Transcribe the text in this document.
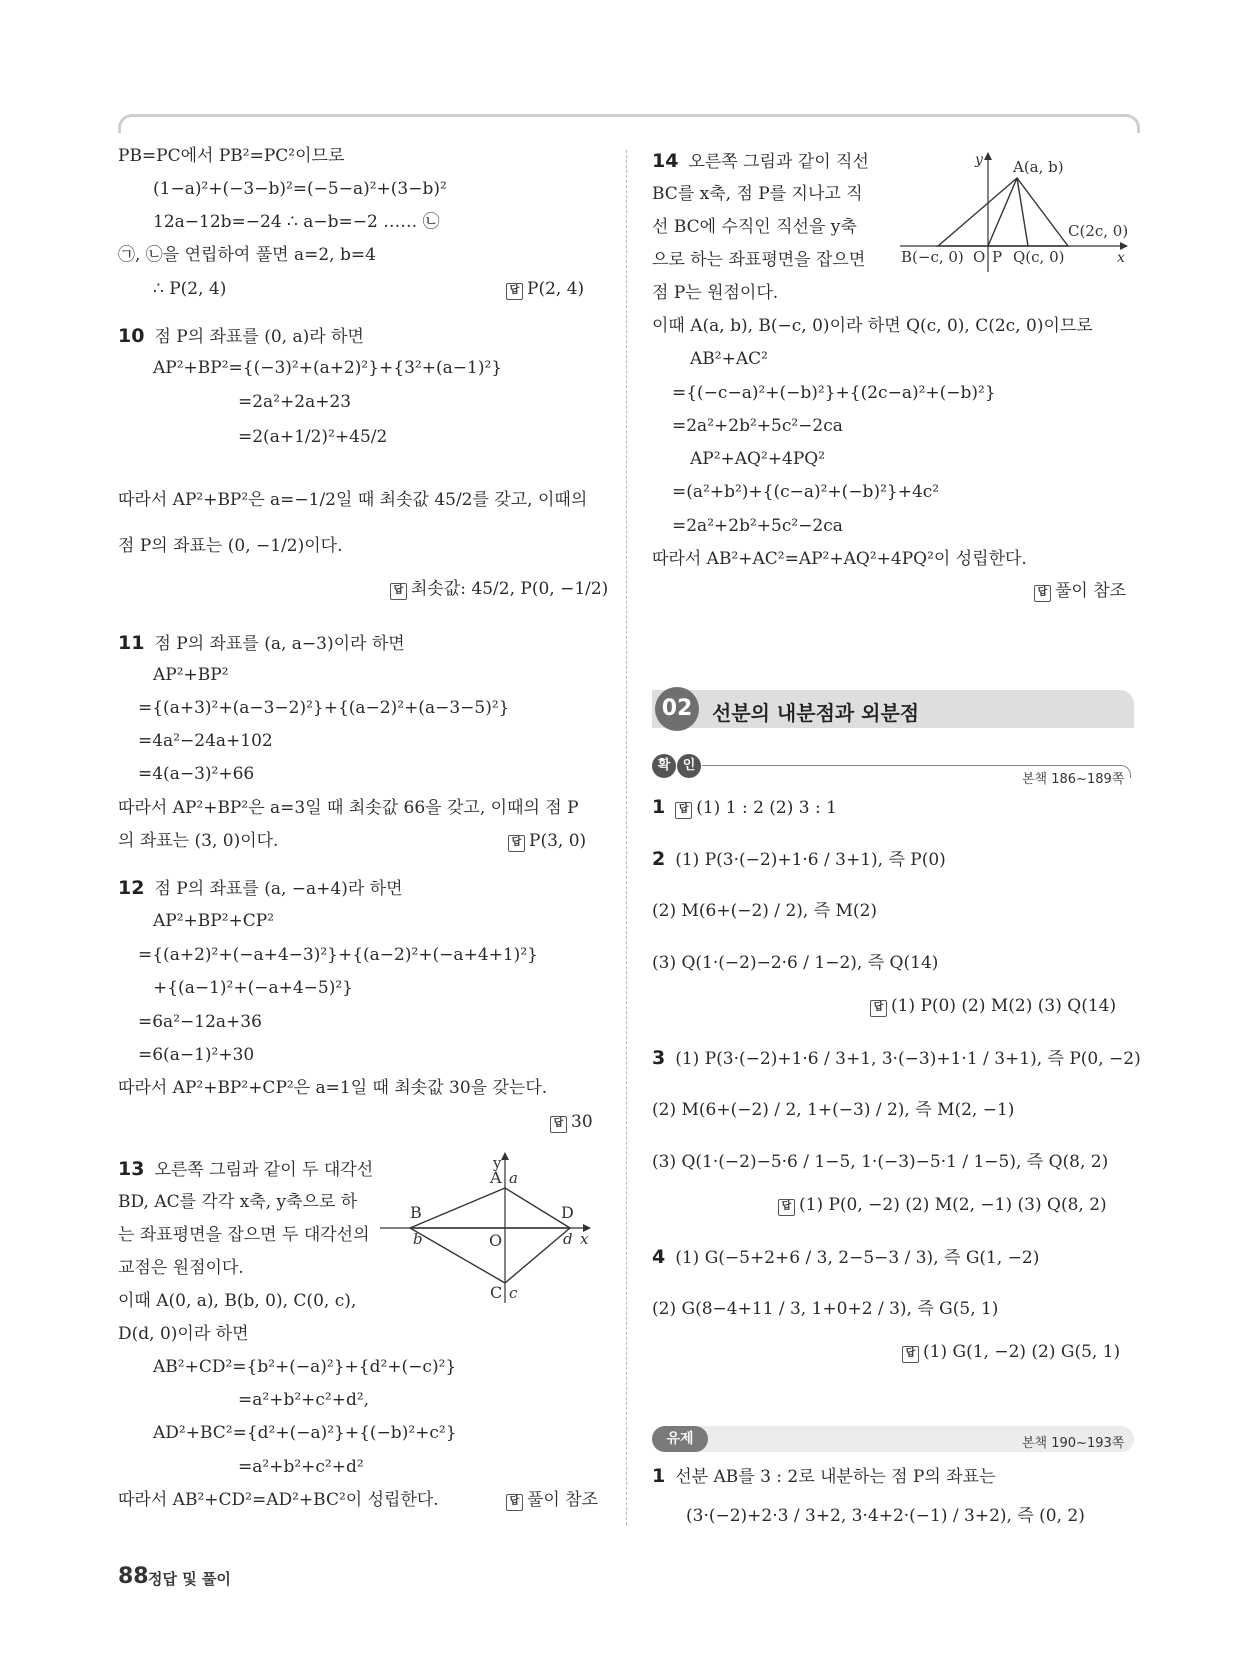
PB=PC에서 PB²=PC²이므로
(1−a)²+(−3−b)²=(−5−a)²+(3−b)²
12a−12b=−24 ∴ a−b=−2 …… ㉡
㉠, ㉡을 연립하여 풀면 a=2, b=4
∴ P(2, 4)	답 P(2, 4)
10 점 P의 좌표를 (0, a)라 하면
AP²+BP²={(−3)²+(a+2)²}+{3²+(a−1)²}
=2a²+2a+23
=2(a+1/2)²+45/2
따라서 AP²+BP²은 a=−1/2일 때 최솟값 45/2를 갖고, 이때의
점 P의 좌표는 (0, −1/2)이다.
답 최솟값: 45/2, P(0, −1/2)
11 점 P의 좌표를 (a, a−3)이라 하면
AP²+BP²
={(a+3)²+(a−3−2)²}+{(a−2)²+(a−3−5)²}
=4a²−24a+102
=4(a−3)²+66
따라서 AP²+BP²은 a=3일 때 최솟값 66을 갖고, 이때의 점 P
의 좌표는 (3, 0)이다.	답 P(3, 0)
12 점 P의 좌표를 (a, −a+4)라 하면
AP²+BP²+CP²
={(a+2)²+(−a+4−3)²}+{(a−2)²+(−a+4+1)²}
+{(a−1)²+(−a+4−5)²}
=6a²−12a+36
=6(a−1)²+30
따라서 AP²+BP²+CP²은 a=1일 때 최솟값 30을 갖는다.
답 30
13 오른쪽 그림과 같이 두 대각선
BD, AC를 각각 x축, y축으로 하
는 좌표평면을 잡으면 두 대각선의
교점은 원점이다.
이때 A(0, a), B(b, 0), C(0, c),
D(d, 0)이라 하면
AB²+CD²={b²+(−a)²}+{d²+(−c)²}
=a²+b²+c²+d²,
AD²+BC²={d²+(−a)²}+{(−b)²+c²}
=a²+b²+c²+d²
따라서 AB²+CD²=AD²+BC²이 성립한다.	답 풀이 참조
y
A a
B
b
D
d x
O
C c
14 오른쪽 그림과 같이 직선
BC를 x축, 점 P를 지나고 직
선 BC에 수직인 직선을 y축
으로 하는 좌표평면을 잡으면
점 P는 원점이다.
이때 A(a, b), B(−c, 0)이라 하면 Q(c, 0), C(2c, 0)이므로
AB²+AC²
={(−c−a)²+(−b)²}+{(2c−a)²+(−b)²}
=2a²+2b²+5c²−2ca
AP²+AQ²+4PQ²
=(a²+b²)+{(c−a)²+(−b)²}+4c²
=2a²+2b²+5c²−2ca
따라서 AB²+AC²=AP²+AQ²+4PQ²이 성립한다.
답 풀이 참조
y A(a, b)
C(2c, 0)
B(−c, 0) O P Q(c, 0)	x
02 선분의 내분점과 외분점
확 인
본책 186~189쪽
1 답 (1) 1 : 2 (2) 3 : 1
2 (1) P(3·(−2)+1·6 / 3+1), 즉 P(0)
(2) M(6+(−2) / 2), 즉 M(2)
(3) Q(1·(−2)−2·6 / 1−2), 즉 Q(14)
답 (1) P(0) (2) M(2) (3) Q(14)
3 (1) P(3·(−2)+1·6 / 3+1, 3·(−3)+1·1 / 3+1), 즉 P(0, −2)
(2) M(6+(−2) / 2, 1+(−3) / 2), 즉 M(2, −1)
(3) Q(1·(−2)−5·6 / 1−5, 1·(−3)−5·1 / 1−5), 즉 Q(8, 2)
답 (1) P(0, −2) (2) M(2, −1) (3) Q(8, 2)
4 (1) G(−5+2+6 / 3, 2−5−3 / 3), 즉 G(1, −2)
(2) G(8−4+11 / 3, 1+0+2 / 3), 즉 G(5, 1)
답 (1) G(1, −2) (2) G(5, 1)
유제	본책 190~193쪽
1 선분 AB를 3 : 2로 내분하는 점 P의 좌표는
(3·(−2)+2·3 / 3+2, 3·4+2·(−1) / 3+2), 즉 (0, 2)
88 정답 및 풀이
